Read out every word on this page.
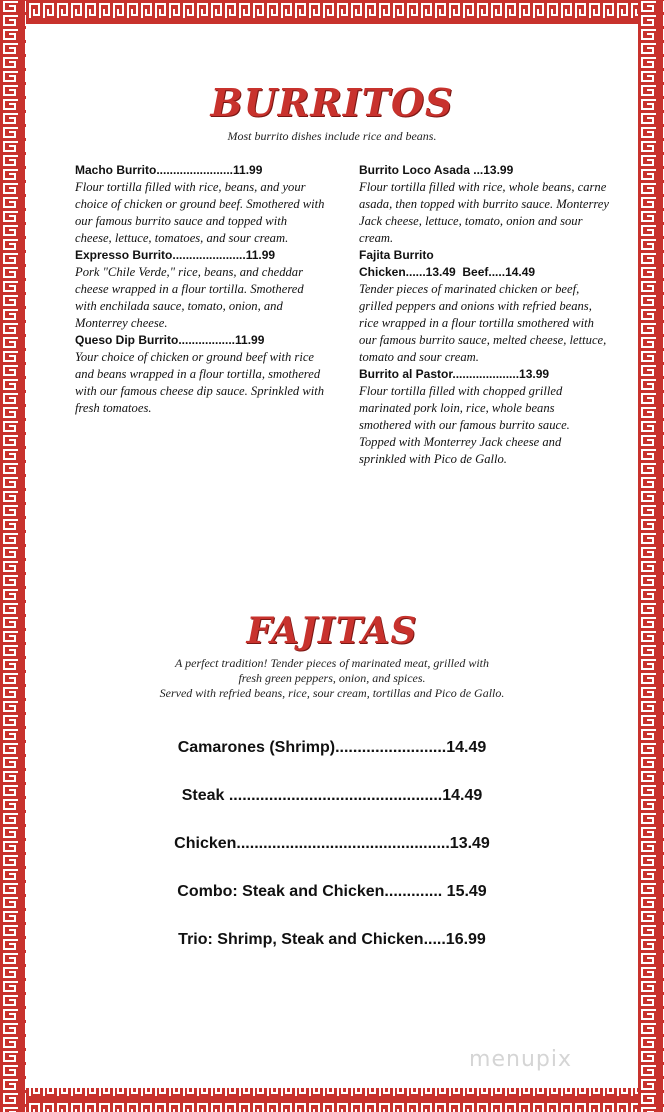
BURRITOS
Most burrito dishes include rice and beans.
Macho Burrito.......................11.99
Flour tortilla filled with rice, beans, and your choice of chicken or ground beef. Smothered with our famous burrito sauce and topped with cheese, lettuce, tomatoes, and sour cream.
Expresso Burrito......................11.99
Pork "Chile Verde," rice, beans, and cheddar cheese wrapped in a flour tortilla. Smothered with enchilada sauce, tomato, onion, and Monterrey cheese.
Queso Dip Burrito.................11.99
Your choice of chicken or ground beef with rice and beans wrapped in a flour tortilla, smothered with our famous cheese dip sauce. Sprinkled with fresh tomatoes.
Burrito Loco Asada ...13.99
Flour tortilla filled with rice, whole beans, carne asada, then topped with burrito sauce. Monterrey Jack cheese, lettuce, tomato, onion and sour cream.
Fajita Burrito
Chicken......13.49  Beef.....14.49
Tender pieces of marinated chicken or beef, grilled peppers and onions with refried beans, rice wrapped in a flour tortilla smothered with our famous burrito sauce, melted cheese, lettuce, tomato and sour cream.
Burrito al Pastor....................13.99
Flour tortilla filled with chopped grilled marinated pork loin, rice, whole beans smothered with our famous burrito sauce. Topped with Monterrey Jack cheese and sprinkled with Pico de Gallo.
FAJITAS
A perfect tradition! Tender pieces of marinated meat, grilled with
fresh green peppers, onion, and spices.
Served with refried beans, rice, sour cream, tortillas and Pico de Gallo.
Camarones (Shrimp).........................14.49
Steak ................................................14.49
Chicken................................................13.49
Combo: Steak and Chicken............. 15.49
Trio: Shrimp, Steak and Chicken.....16.99
menupix
